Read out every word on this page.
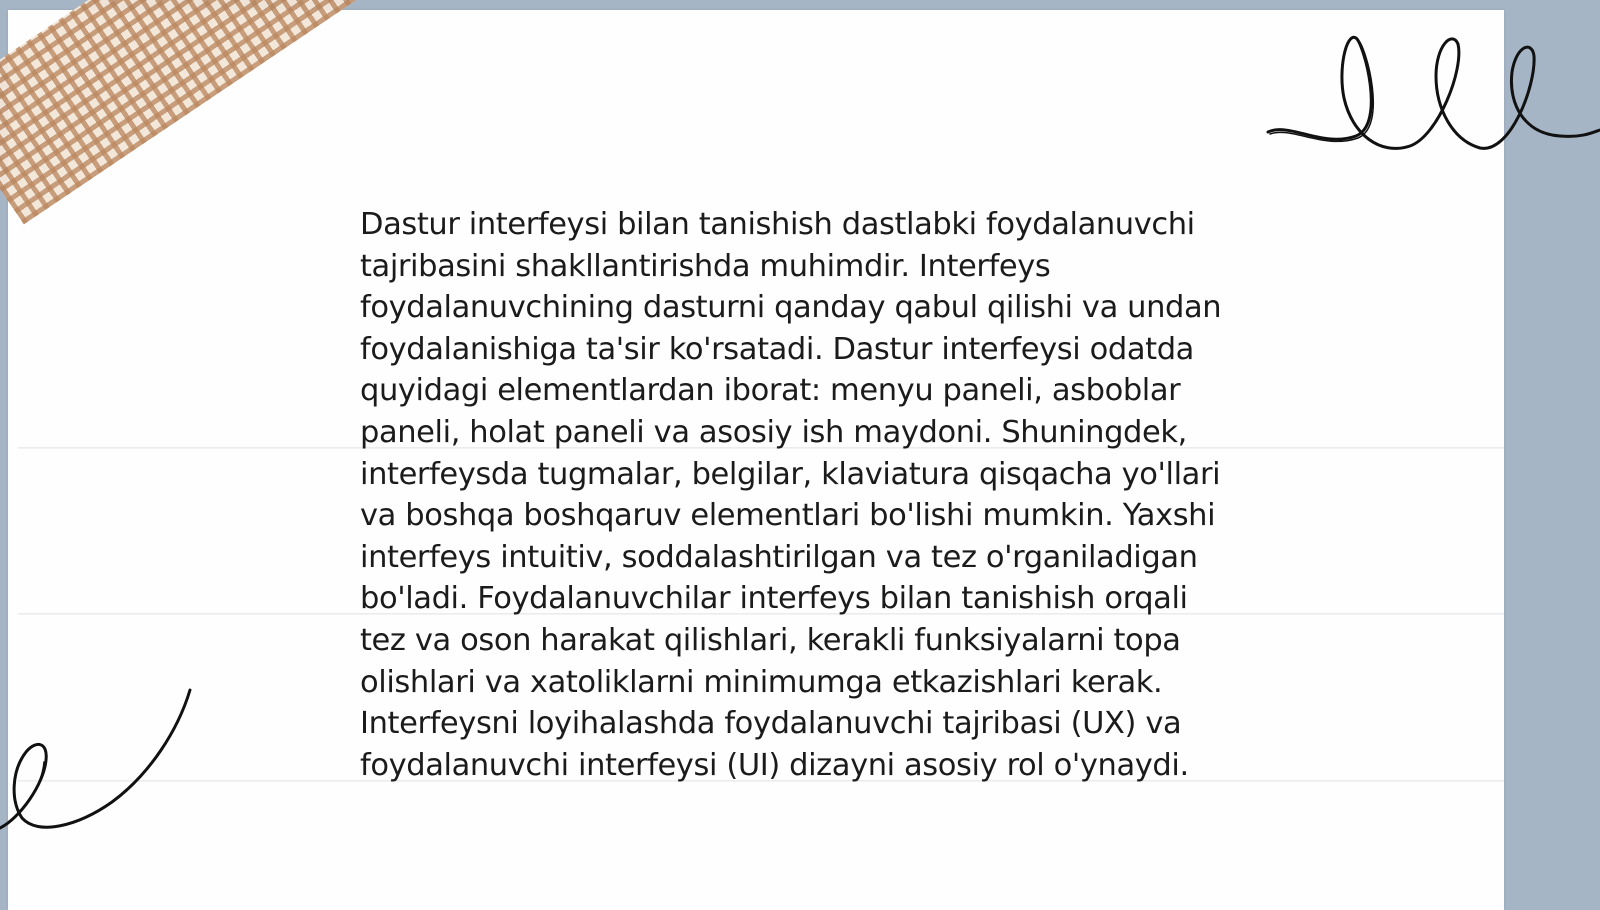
Dastur interfeysi bilan tanishish dastlabki foydalanuvchi tajribasini shakllantirishda muhimdir. Interfeys foydalanuvchining dasturni qanday qabul qilishi va undan foydalanishiga ta'sir ko'rsatadi. Dastur interfeysi odatda quyidagi elementlardan iborat: menyu paneli, asboblar paneli, holat paneli va asosiy ish maydoni. Shuningdek, interfeysda tugmalar, belgilar, klaviatura qisqacha yo'llari va boshqa boshqaruv elementlari bo'lishi mumkin. Yaxshi interfeys intuitiv, soddalashtirilgan va tez o'rganiladigan bo'ladi. Foydalanuvchilar interfeys bilan tanishish orqali tez va oson harakat qilishlari, kerakli funksiyalarni topa olishlari va xatoliklarni minimumga etkazishlari kerak. Interfeysni loyihalashda foydalanuvchi tajribasi (UX) va foydalanuvchi interfeysi (UI) dizayni asosiy rol o'ynaydi.
